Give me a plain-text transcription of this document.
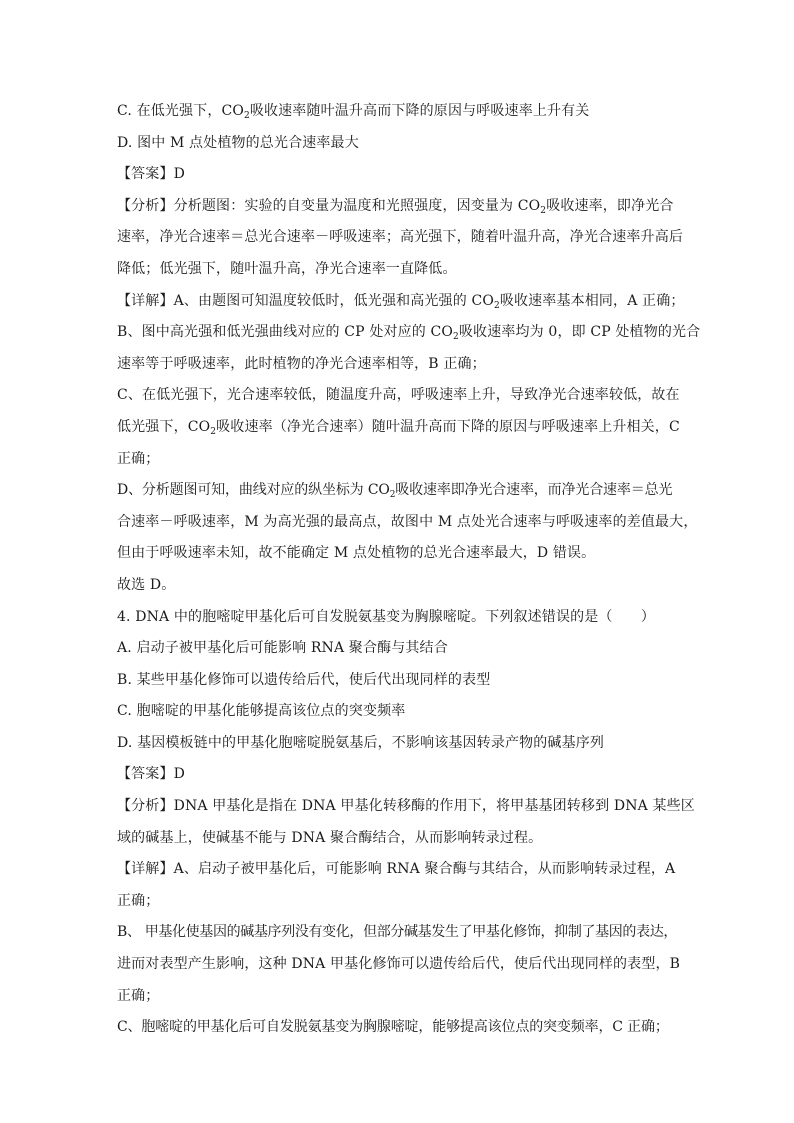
C. 在低光强下，$CO_2$吸收速率随叶温升高而下降的原因与呼吸速率上升有关
D. 图中 M 点处植物的总光合速率最大
【答案】D
【分析】分析题图：实验的自变量为温度和光照强度，因变量为 $CO_2$吸收速率，即净光合
速率，净光合速率＝总光合速率－呼吸速率；高光强下，随着叶温升高，净光合速率升高后
降低；低光强下，随叶温升高，净光合速率一直降低。
【详解】A、由题图可知温度较低时，低光强和高光强的 $CO_2$吸收速率基本相同，A 正确；
B、图中高光强和低光强曲线对应的 CP 处对应的 $CO_2$吸收速率均为 0，即 CP 处植物的光合
速率等于呼吸速率，此时植物的净光合速率相等，B 正确；
C、在低光强下，光合速率较低，随温度升高，呼吸速率上升，导致净光合速率较低，故在
低光强下，$CO_2$吸收速率（净光合速率）随叶温升高而下降的原因与呼吸速率上升相关，C
正确；
D、分析题图可知，曲线对应的纵坐标为 $CO_2$吸收速率即净光合速率，而净光合速率＝总光
合速率－呼吸速率，M 为高光强的最高点，故图中 M 点处光合速率与呼吸速率的差值最大，
但由于呼吸速率未知，故不能确定 M 点处植物的总光合速率最大，D 错误。
故选 D。
4. DNA 中的胞嘧啶甲基化后可自发脱氨基变为胸腺嘧啶。下列叙述错误的是（　　）
A. 启动子被甲基化后可能影响 RNA 聚合酶与其结合
B. 某些甲基化修饰可以遗传给后代，使后代出现同样的表型
C. 胞嘧啶的甲基化能够提高该位点的突变频率
D. 基因模板链中的甲基化胞嘧啶脱氨基后，不影响该基因转录产物的碱基序列
【答案】D
【分析】DNA 甲基化是指在 DNA 甲基化转移酶的作用下，将甲基基团转移到 DNA 某些区
域的碱基上，使碱基不能与 DNA 聚合酶结合，从而影响转录过程。
【详解】A、启动子被甲基化后，可能影响 RNA 聚合酶与其结合，从而影响转录过程，A
正确；
B、 甲基化使基因的碱基序列没有变化，但部分碱基发生了甲基化修饰，抑制了基因的表达，
进而对表型产生影响，这种 DNA 甲基化修饰可以遗传给后代，使后代出现同样的表型，B
正确；
C、胞嘧啶的甲基化后可自发脱氨基变为胸腺嘧啶，能够提高该位点的突变频率，C 正确；
